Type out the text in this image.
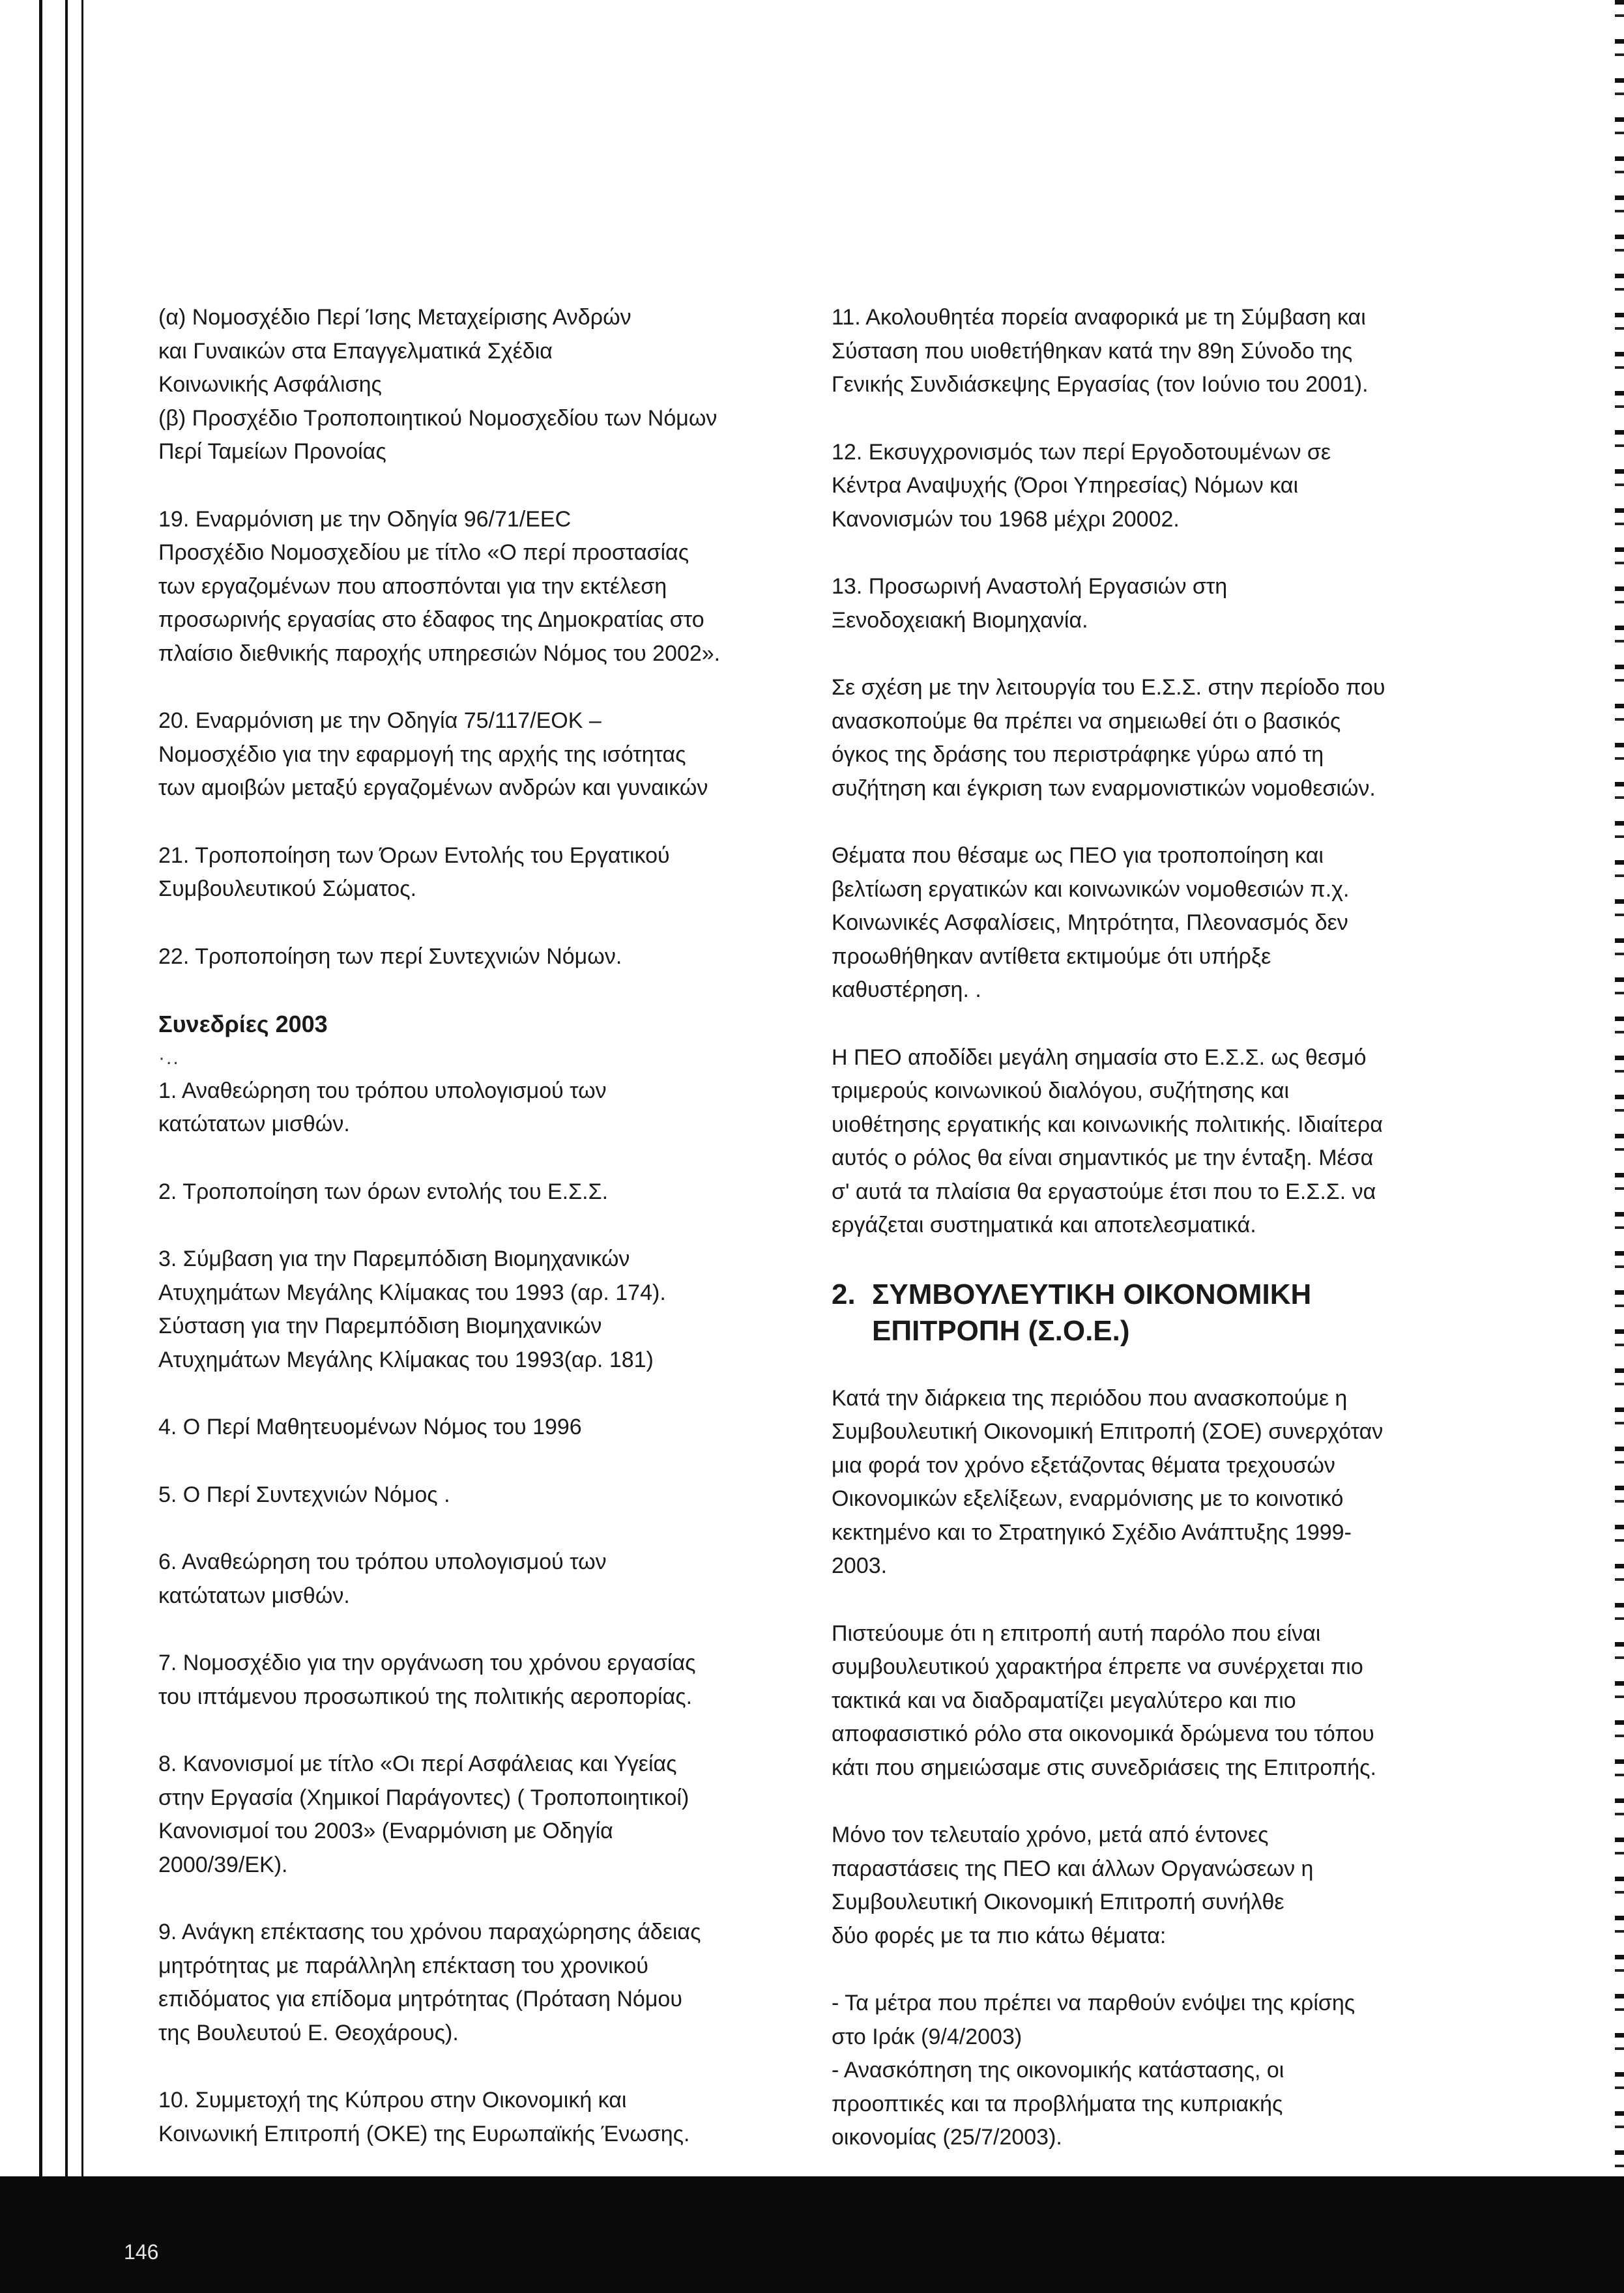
(α) Νομοσχέδιο Περί Ίσης Μεταχείρισης Ανδρών
και Γυναικών στα Επαγγελματικά Σχέδια
Κοινωνικής Ασφάλισης
(β) Προσχέδιο Τροποποιητικού Νομοσχεδίου των Νόμων
Περί Ταμείων Προνοίας

19. Εναρμόνιση με την Οδηγία 96/71/EEC
Προσχέδιο Νομοσχεδίου με τίτλο «Ο περί προστασίας
των εργαζομένων που αποσπόνται για την εκτέλεση
προσωρινής εργασίας στο έδαφος της Δημοκρατίας στο
πλαίσιο διεθνικής παροχής υπηρεσιών Νόμος του 2002».

20. Εναρμόνιση με την Οδηγία 75/117/ΕΟΚ –
Νομοσχέδιο για την εφαρμογή της αρχής της ισότητας
των αμοιβών μεταξύ εργαζομένων ανδρών και γυναικών

21. Τροποποίηση των Όρων Εντολής του Εργατικού
Συμβουλευτικού Σώματος.

22. Τροποποίηση των περί Συντεχνιών Νόμων.

Συνεδρίες 2003

·..

1. Αναθεώρηση του τρόπου υπολογισμού των
κατώτατων μισθών.

2. Τροποποίηση των όρων εντολής του Ε.Σ.Σ.

3. Σύμβαση για την Παρεμπόδιση Βιομηχανικών
Ατυχημάτων Μεγάλης Κλίμακας του 1993 (αρ. 174).
Σύσταση για την Παρεμπόδιση Βιομηχανικών
Ατυχημάτων Μεγάλης Κλίμακας του 1993(αρ. 181)

4. Ο Περί Μαθητευομένων Νόμος του 1996

5. Ο Περί Συντεχνιών Νόμος .

6. Αναθεώρηση του τρόπου υπολογισμού των
κατώτατων μισθών.

7. Νομοσχέδιο για την οργάνωση του χρόνου εργασίας
του ιπτάμενου προσωπικού της πολιτικής αεροπορίας.

8. Κανονισμοί με τίτλο «Οι περί Ασφάλειας και Υγείας
στην Εργασία (Χημικοί Παράγοντες) ( Τροποποιητικοί)
Κανονισμοί του 2003» (Εναρμόνιση με Οδηγία
2000/39/ΕΚ).

9. Ανάγκη επέκτασης του χρόνου παραχώρησης άδειας
μητρότητας με παράλληλη επέκταση του χρονικού
επιδόματος για επίδομα μητρότητας (Πρόταση Νόμου
της Βουλευτού Ε. Θεοχάρους).

10. Συμμετοχή της Κύπρου στην Οικονομική και
Κοινωνική Επιτροπή (ΟΚΕ) της Ευρωπαϊκής Ένωσης.

11. Ακολουθητέα πορεία αναφορικά με τη Σύμβαση και
Σύσταση που υιοθετήθηκαν κατά την 89η Σύνοδο της
Γενικής Συνδιάσκεψης Εργασίας (τον Ιούνιο του 2001).

12. Εκσυγχρονισμός των περί Εργοδοτουμένων σε
Κέντρα Αναψυχής (Όροι Υπηρεσίας) Νόμων και
Κανονισμών του 1968 μέχρι 20002.

13. Προσωρινή Αναστολή Εργασιών στη
Ξενοδοχειακή Βιομηχανία.

Σε σχέση με την λειτουργία του Ε.Σ.Σ. στην περίοδο που
ανασκοπούμε θα πρέπει να σημειωθεί ότι ο βασικός
όγκος της δράσης του περιστράφηκε γύρω από τη
συζήτηση και έγκριση των εναρμονιστικών νομοθεσιών.

Θέματα που θέσαμε ως ΠΕΟ για τροποποίηση και
βελτίωση εργατικών και κοινωνικών νομοθεσιών π.χ.
Κοινωνικές Ασφαλίσεις, Μητρότητα, Πλεονασμός δεν
προωθήθηκαν αντίθετα εκτιμούμε ότι υπήρξε
καθυστέρηση. .

Η ΠΕΟ αποδίδει μεγάλη σημασία στο Ε.Σ.Σ. ως θεσμό
τριμερούς κοινωνικού διαλόγου, συζήτησης και
υιοθέτησης εργατικής και κοινωνικής πολιτικής. Ιδιαίτερα
αυτός ο ρόλος θα είναι σημαντικός με την ένταξη. Μέσα
σ' αυτά τα πλαίσια θα εργαστούμε έτσι που το Ε.Σ.Σ. να
εργάζεται συστηματικά και αποτελεσματικά.

2. ΣΥΜΒΟΥΛΕΥΤΙΚΗ ΟΙΚΟΝΟΜΙΚΗ
ΕΠΙΤΡΟΠΗ (Σ.Ο.Ε.)

Κατά την διάρκεια της περιόδου που ανασκοπούμε η
Συμβουλευτική Οικονομική Επιτροπή (ΣΟΕ) συνερχόταν
μια φορά τον χρόνο εξετάζοντας θέματα τρεχουσών
Οικονομικών εξελίξεων, εναρμόνισης με το κοινοτικό
κεκτημένο και το Στρατηγικό Σχέδιο Ανάπτυξης 1999-
2003.

Πιστεύουμε ότι η επιτροπή αυτή παρόλο που είναι
συμβουλευτικού χαρακτήρα έπρεπε να συνέρχεται πιο
τακτικά και να διαδραματίζει μεγαλύτερο και πιο
αποφασιστικό ρόλο στα οικονομικά δρώμενα του τόπου
κάτι που σημειώσαμε στις συνεδριάσεις της Επιτροπής.

Μόνο τον τελευταίο χρόνο, μετά από έντονες
παραστάσεις της ΠΕΟ και άλλων Οργανώσεων η
Συμβουλευτική Οικονομική Επιτροπή συνήλθε
δύο φορές με τα πιο κάτω θέματα:

- Τα μέτρα που πρέπει να παρθούν ενόψει της κρίσης
στο Ιράκ (9/4/2003)
- Ανασκόπηση της οικονομικής κατάστασης, οι
προοπτικές και τα προβλήματα της κυπριακής
οικονομίας (25/7/2003).

146
